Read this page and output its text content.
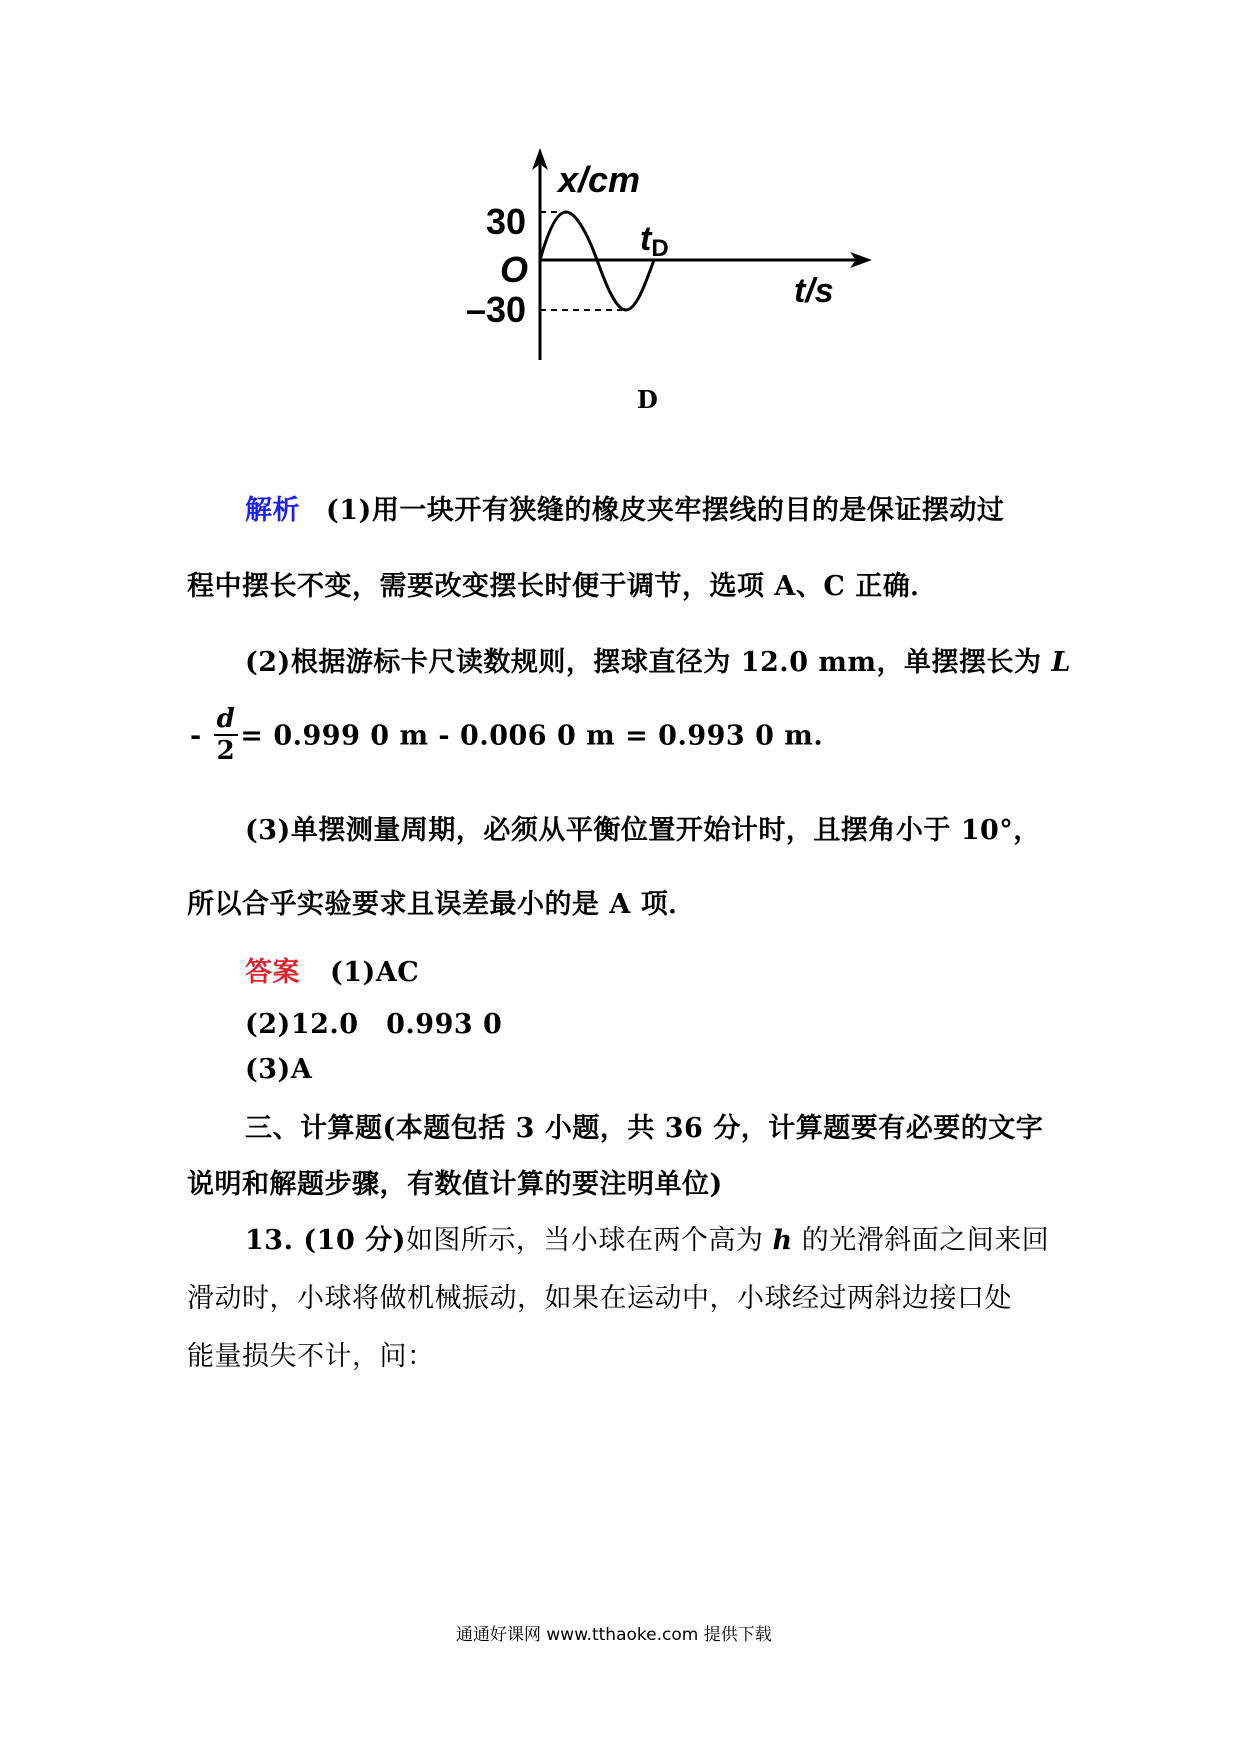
x/cm
30
O
–30
tD
t/s
D
解析 (1)用一块开有狭缝的橡皮夹牢摆线的目的是保证摆动过
程中摆长不变，需要改变摆长时便于调节，选项 A、C 正确．
(2)根据游标卡尺读数规则，摆球直径为 12.0 mm，单摆摆长为 L
- $\frac{d}{2} = 0.999$ 0 m - 0.006 0 m = 0.993 0 m.
(3)单摆测量周期，必须从平衡位置开始计时，且摆角小于 10°，
所以合乎实验要求且误差最小的是 A 项．
答案 (1)AC
(2)12.0　0.993 0
(3)A
三、计算题(本题包括 3 小题，共 36 分，计算题要有必要的文字
说明和解题步骤，有数值计算的要注明单位)
13. (10 分)如图所示，当小球在两个高为 h 的光滑斜面之间来回
滑动时，小球将做机械振动，如果在运动中，小球经过两斜边接口处
能量损失不计，问：
通通好课网 www.tthaoke.com 提供下载
